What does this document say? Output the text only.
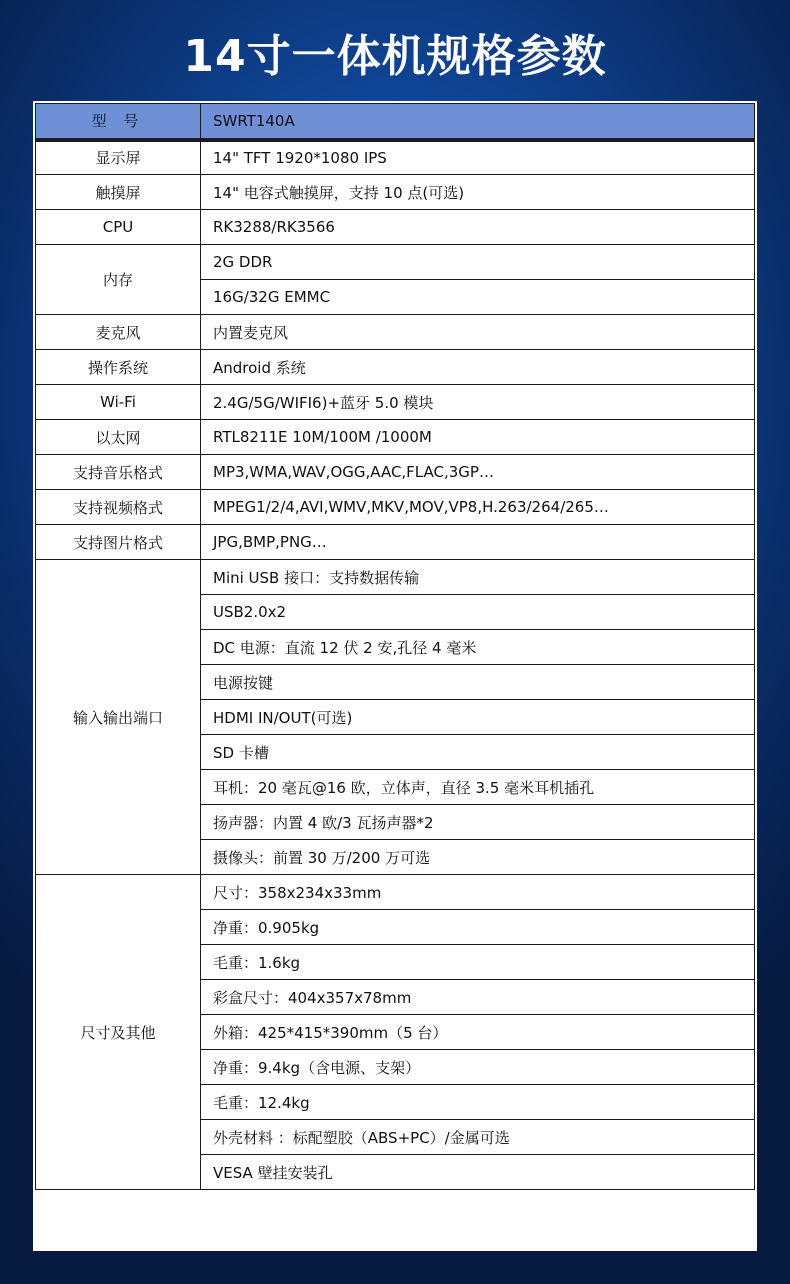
14寸一体机规格参数
型 号	SWRT140A
显示屏	14" TFT 1920*1080 IPS
触摸屏	14" 电容式触摸屏，支持 10 点(可选)
CPU	RK3288/RK3566
内存	2G DDR
	16G/32G EMMC
麦克风	内置麦克风
操作系统	Android 系统
Wi-Fi	2.4G/5G/WIFI6)+蓝牙 5.0 模块
以太网	RTL8211E 10M/100M /1000M
支持音乐格式	MP3,WMA,WAV,OGG,AAC,FLAC,3GP…
支持视频格式	MPEG1/2/4,AVI,WMV,MKV,MOV,VP8,H.263/264/265…
支持图片格式	JPG,BMP,PNG…
输入输出端口	Mini USB 接口：支持数据传输
	USB2.0x2
	DC 电源：直流 12 伏 2 安,孔径 4 毫米
	电源按键
	HDMI IN/OUT(可选)
	SD 卡槽
	耳机：20 毫瓦@16 欧，立体声，直径 3.5 毫米耳机插孔
	扬声器：内置 4 欧/3 瓦扬声器*2
	摄像头：前置 30 万/200 万可选
尺寸及其他	尺寸：358x234x33mm
	净重：0.905kg
	毛重：1.6kg
	彩盒尺寸：404x357x78mm
	外箱：425*415*390mm（5 台）
	净重：9.4kg（含电源、支架）
	毛重：12.4kg
	外壳材料 ：标配塑胶（ABS+PC）/金属可选
	VESA 壁挂安装孔
